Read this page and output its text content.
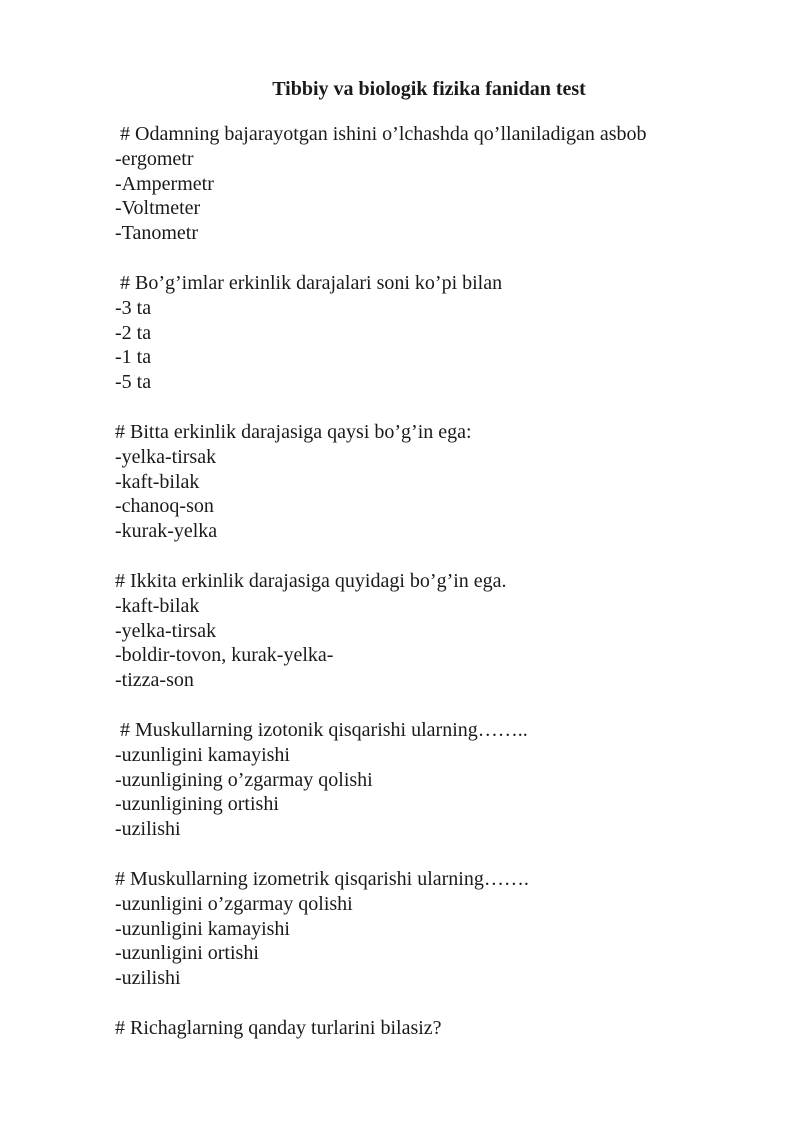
Tibbiy va biologik fizika fanidan test
# Odamning bajarayotgan ishini o’lchashda qo’llaniladigan asbob
-ergometr
-Ampermetr
-Voltmeter
-Tanometr
# Bo’g’imlar erkinlik darajalari soni ko’pi bilan
-3 ta
-2 ta
-1 ta
-5 ta
# Bitta erkinlik darajasiga qaysi bo’g’in ega:
-yelka-tirsak
-kaft-bilak
-chanoq-son
-kurak-yelka
# Ikkita erkinlik darajasiga quyidagi bo’g’in ega.
-kaft-bilak
-yelka-tirsak
-boldir-tovon, kurak-yelka-
-tizza-son
# Muskullarning izotonik qisqarishi ularning……..
-uzunligini kamayishi
-uzunligining o’zgarmay qolishi
-uzunligining ortishi
-uzilishi
# Muskullarning izometrik qisqarishi ularning…….
-uzunligini o’zgarmay qolishi
-uzunligini kamayishi
-uzunligini ortishi
-uzilishi
# Richaglarning qanday turlarini bilasiz?
